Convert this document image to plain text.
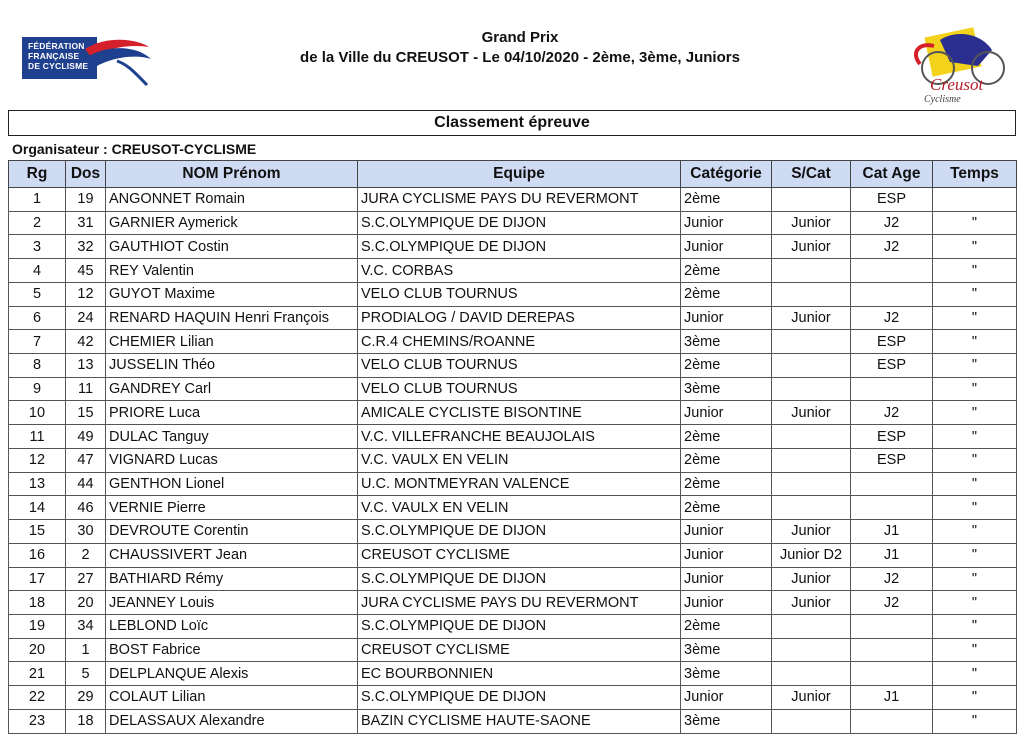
FÉDÉRATION
FRANÇAISE
DE CYCLISME
Grand Prix
de la Ville du CREUSOT - Le 04/10/2020 - 2ème, 3ème, Juniors
Creusot
Cyclisme
Classement épreuve
Organisateur : CREUSOT-CYCLISME
Rg	Dos	NOM Prénom	Equipe	Catégorie	S/Cat	Cat Age	Temps
1	19	ANGONNET Romain	JURA CYCLISME PAYS DU REVERMONT	2ème		ESP	
2	31	GARNIER Aymerick	S.C.OLYMPIQUE DE DIJON	Junior	Junior	J2	"
3	32	GAUTHIOT Costin	S.C.OLYMPIQUE DE DIJON	Junior	Junior	J2	"
4	45	REY Valentin	V.C. CORBAS	2ème			"
5	12	GUYOT Maxime	VELO CLUB TOURNUS	2ème			"
6	24	RENARD HAQUIN Henri François	PRODIALOG / DAVID DEREPAS	Junior	Junior	J2	"
7	42	CHEMIER Lilian	C.R.4 CHEMINS/ROANNE	3ème		ESP	"
8	13	JUSSELIN Théo	VELO CLUB TOURNUS	2ème		ESP	"
9	11	GANDREY Carl	VELO CLUB TOURNUS	3ème			"
10	15	PRIORE Luca	AMICALE CYCLISTE BISONTINE	Junior	Junior	J2	"
11	49	DULAC Tanguy	V.C. VILLEFRANCHE BEAUJOLAIS	2ème		ESP	"
12	47	VIGNARD Lucas	V.C. VAULX EN VELIN	2ème		ESP	"
13	44	GENTHON Lionel	U.C. MONTMEYRAN VALENCE	2ème			"
14	46	VERNIE Pierre	V.C. VAULX EN VELIN	2ème			"
15	30	DEVROUTE Corentin	S.C.OLYMPIQUE DE DIJON	Junior	Junior	J1	"
16	2	CHAUSSIVERT Jean	CREUSOT CYCLISME	Junior	Junior D2	J1	"
17	27	BATHIARD Rémy	S.C.OLYMPIQUE DE DIJON	Junior	Junior	J2	"
18	20	JEANNEY Louis	JURA CYCLISME PAYS DU REVERMONT	Junior	Junior	J2	"
19	34	LEBLOND Loïc	S.C.OLYMPIQUE DE DIJON	2ème			"
20	1	BOST Fabrice	CREUSOT CYCLISME	3ème			"
21	5	DELPLANQUE Alexis	EC BOURBONNIEN	3ème			"
22	29	COLAUT Lilian	S.C.OLYMPIQUE DE DIJON	Junior	Junior	J1	"
23	18	DELASSAUX Alexandre	BAZIN CYCLISME HAUTE-SAONE	3ème			"
